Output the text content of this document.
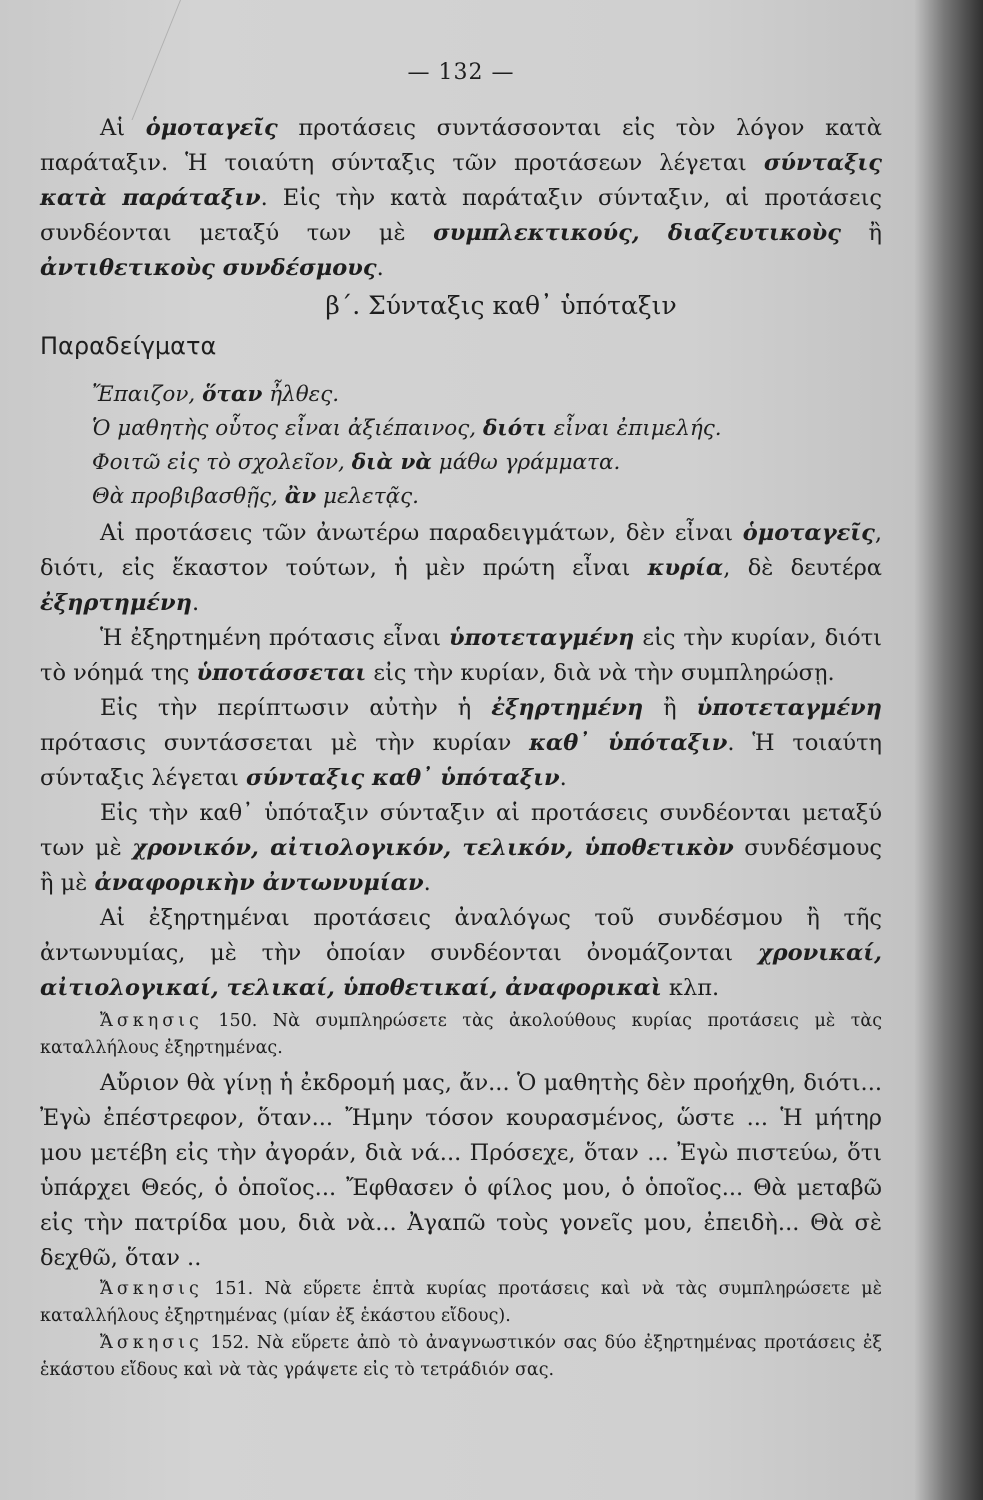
— 132 —

Αἱ ὁμοταγεῖς προτάσεις συντάσσονται εἰς τὸν λόγον κατὰ παράταξιν. Ἡ τοιαύτη σύνταξις τῶν προτάσεων λέγεται σύνταξις κατὰ παράταξιν. Εἰς τὴν κατὰ παράταξιν σύνταξιν, αἱ προτάσεις συνδέονται μεταξύ των μὲ συμπλεκτικούς, διαζευτικοὺς ἢ ἀντιθετικοὺς συνδέσμους.

β΄. Σύνταξις καθ᾽ ὑπόταξιν
Παραδείγματα
Ἔπαιζον, ὅταν ἦλθες.
Ὁ μαθητὴς οὗτος εἶναι ἀξιέπαινος, διότι εἶναι ἐπιμελής.
Φοιτῶ εἰς τὸ σχολεῖον, διὰ νὰ μάθω γράμματα.
Θὰ προβιβασθῇς, ἂν μελετᾷς.

Αἱ προτάσεις τῶν ἀνωτέρω παραδειγμάτων, δὲν εἶναι ὁμοταγεῖς, διότι, εἰς ἕκαστον τούτων, ἡ μὲν πρώτη εἶναι κυρία, δὲ δευτέρα ἐξηρτημένη.

Ἡ ἐξηρτημένη πρότασις εἶναι ὑποτεταγμένη εἰς τὴν κυρίαν, διότι τὸ νόημά της ὑποτάσσεται εἰς τὴν κυρίαν, διὰ νὰ τὴν συμπληρώσῃ.

Εἰς τὴν περίπτωσιν αὐτὴν ἡ ἐξηρτημένη ἢ ὑποτεταγμένη πρότασις συντάσσεται μὲ τὴν κυρίαν καθ᾽ ὑπόταξιν. Ἡ τοιαύτη σύνταξις λέγεται σύνταξις καθ᾽ ὑπόταξιν.

Εἰς τὴν καθ᾽ ὑπόταξιν σύνταξιν αἱ προτάσεις συνδέονται μεταξύ των μὲ χρονικόν, αἰτιολογικόν, τελικόν, ὑποθετικὸν συνδέσμους ἢ μὲ ἀναφορικὴν ἀντωνυμίαν.

Αἱ ἐξηρτημέναι προτάσεις ἀναλόγως τοῦ συνδέσμου ἢ τῆς ἀντωνυμίας, μὲ τὴν ὁποίαν συνδέονται ὀνομάζονται χρονικαί, αἰτιολογικαί, τελικαί, ὑποθετικαί, ἀναφορικαὶ κλπ.

Ἄσκησις 150. Νὰ συμπληρώσετε τὰς ἀκολούθους κυρίας προτάσεις μὲ τὰς καταλλήλους ἐξηρτημένας.

Αὔριον θὰ γίνῃ ἡ ἐκδρομή μας, ἄν... Ὁ μαθητὴς δὲν προήχθη, διότι... Ἐγὼ ἐπέστρεφον, ὅταν... Ἤμην τόσον κουρασμένος, ὥστε ... Ἡ μήτηρ μου μετέβη εἰς τὴν ἀγοράν, διὰ νά... Πρόσεχε, ὅταν ... Ἐγὼ πιστεύω, ὅτι ὑπάρχει Θεός, ὁ ὁποῖος... Ἔφθασεν ὁ φίλος μου, ὁ ὁποῖος... Θὰ μεταβῶ εἰς τὴν πατρίδα μου, διὰ νὰ... Ἀγαπῶ τοὺς γονεῖς μου, ἐπειδὴ... Θὰ σὲ δεχθῶ, ὅταν ..

Ἄσκησις 151. Νὰ εὕρετε ἑπτὰ κυρίας προτάσεις καὶ νὰ τὰς συμπληρώσετε μὲ καταλλήλους ἐξηρτημένας (μίαν ἐξ ἑκάστου εἴδους).

Ἄσκησις 152. Νὰ εὕρετε ἀπὸ τὸ ἀναγνωστικόν σας δύο ἐξηρτημένας προτάσεις ἐξ ἑκάστου εἴδους καὶ νὰ τὰς γράψετε εἰς τὸ τετράδιόν σας.
